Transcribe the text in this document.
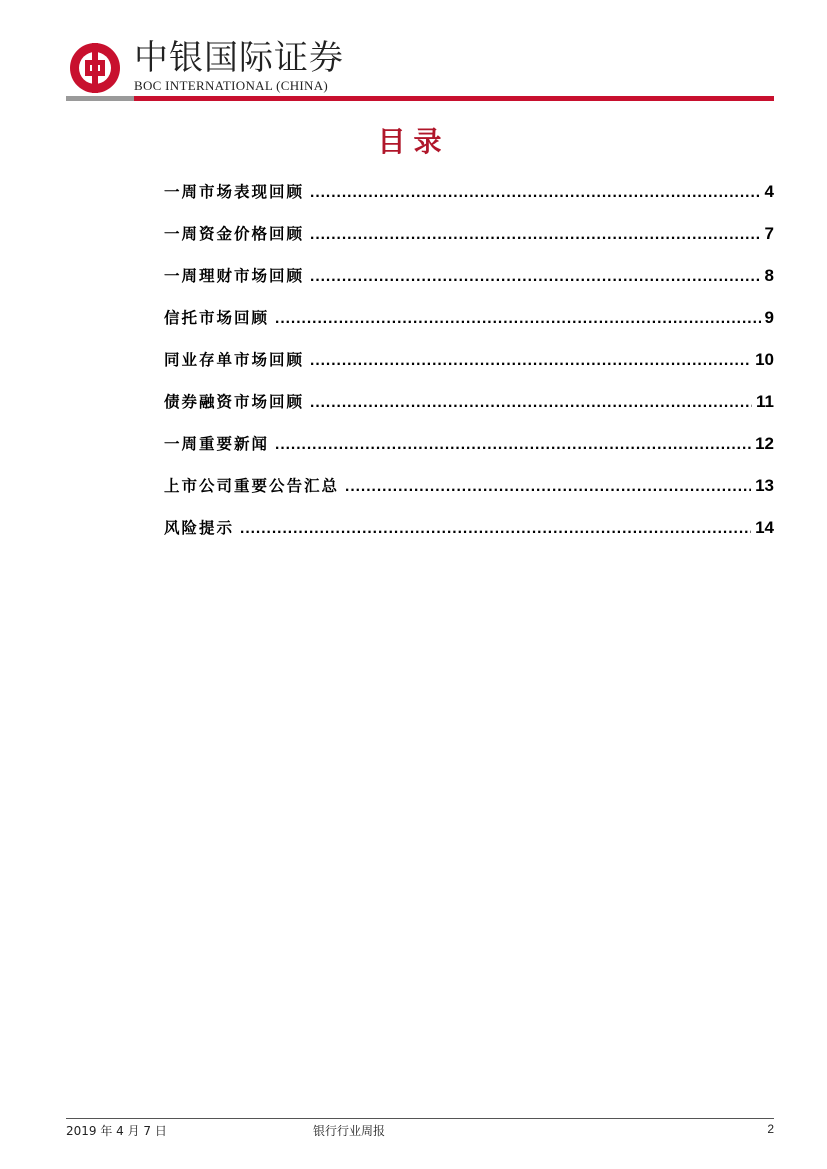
中银国际证券
BOC INTERNATIONAL (CHINA)
目录
一周市场表现回顾 .....	4
一周资金价格回顾 .....	7
一周理财市场回顾 .....	8
信托市场回顾 .....	9
同业存单市场回顾 .....	10
债券融资市场回顾 .....	11
一周重要新闻 .....	12
上市公司重要公告汇总 .....	13
风险提示 .....	14
2019 年 4 月 7 日	银行行业周报	2
